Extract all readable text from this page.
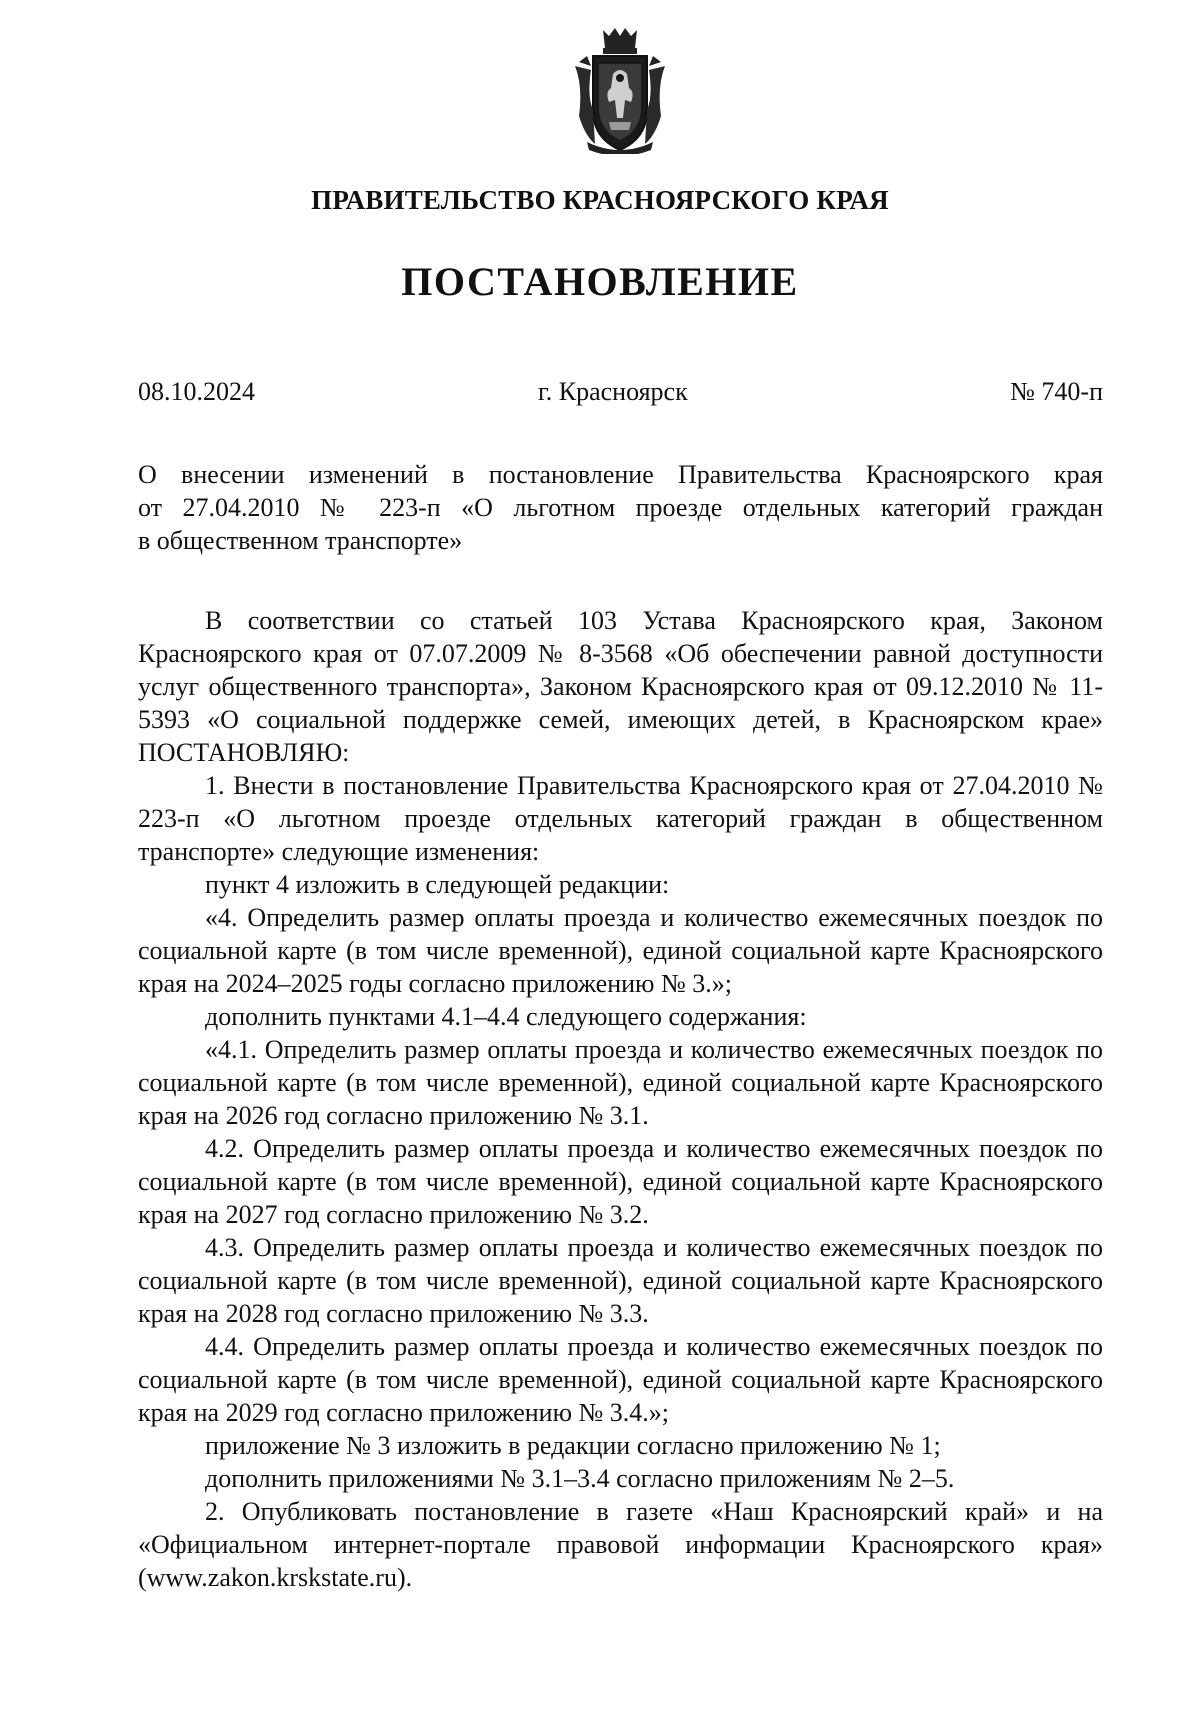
ПРАВИТЕЛЬСТВО КРАСНОЯРСКОГО КРАЯ
ПОСТАНОВЛЕНИЕ
08.10.2024	г. Красноярск	№ 740-п
О внесении изменений в постановление Правительства Красноярского края
от 27.04.2010 № 223-п «О льготном проезде отдельных категорий граждан
в общественном транспорте»

В соответствии со статьей 103 Устава Красноярского края, Законом Красноярского края от 07.07.2009 № 8-3568 «Об обеспечении равной доступности услуг общественного транспорта», Законом Красноярского края от 09.12.2010 № 11-5393 «О социальной поддержке семей, имеющих детей, в Красноярском крае» ПОСТАНОВЛЯЮ:

1. Внести в постановление Правительства Красноярского края от 27.04.2010 № 223-п «О льготном проезде отдельных категорий граждан в общественном транспорте» следующие изменения:

пункт 4 изложить в следующей редакции:

«4. Определить размер оплаты проезда и количество ежемесячных поездок по социальной карте (в том числе временной), единой социальной карте Красноярского края на 2024–2025 годы согласно приложению № 3.»;

дополнить пунктами 4.1–4.4 следующего содержания:

«4.1. Определить размер оплаты проезда и количество ежемесячных поездок по социальной карте (в том числе временной), единой социальной карте Красноярского края на 2026 год согласно приложению № 3.1.

4.2. Определить размер оплаты проезда и количество ежемесячных поездок по социальной карте (в том числе временной), единой социальной карте Красноярского края на 2027 год согласно приложению № 3.2.

4.3. Определить размер оплаты проезда и количество ежемесячных поездок по социальной карте (в том числе временной), единой социальной карте Красноярского края на 2028 год согласно приложению № 3.3.

4.4. Определить размер оплаты проезда и количество ежемесячных поездок по социальной карте (в том числе временной), единой социальной карте Красноярского края на 2029 год согласно приложению № 3.4.»;

приложение № 3 изложить в редакции согласно приложению № 1;

дополнить приложениями № 3.1–3.4 согласно приложениям № 2–5.

2. Опубликовать постановление в газете «Наш Красноярский край» и на «Официальном интернет-портале правовой информации Красноярского края» (www.zakon.krskstate.ru).
